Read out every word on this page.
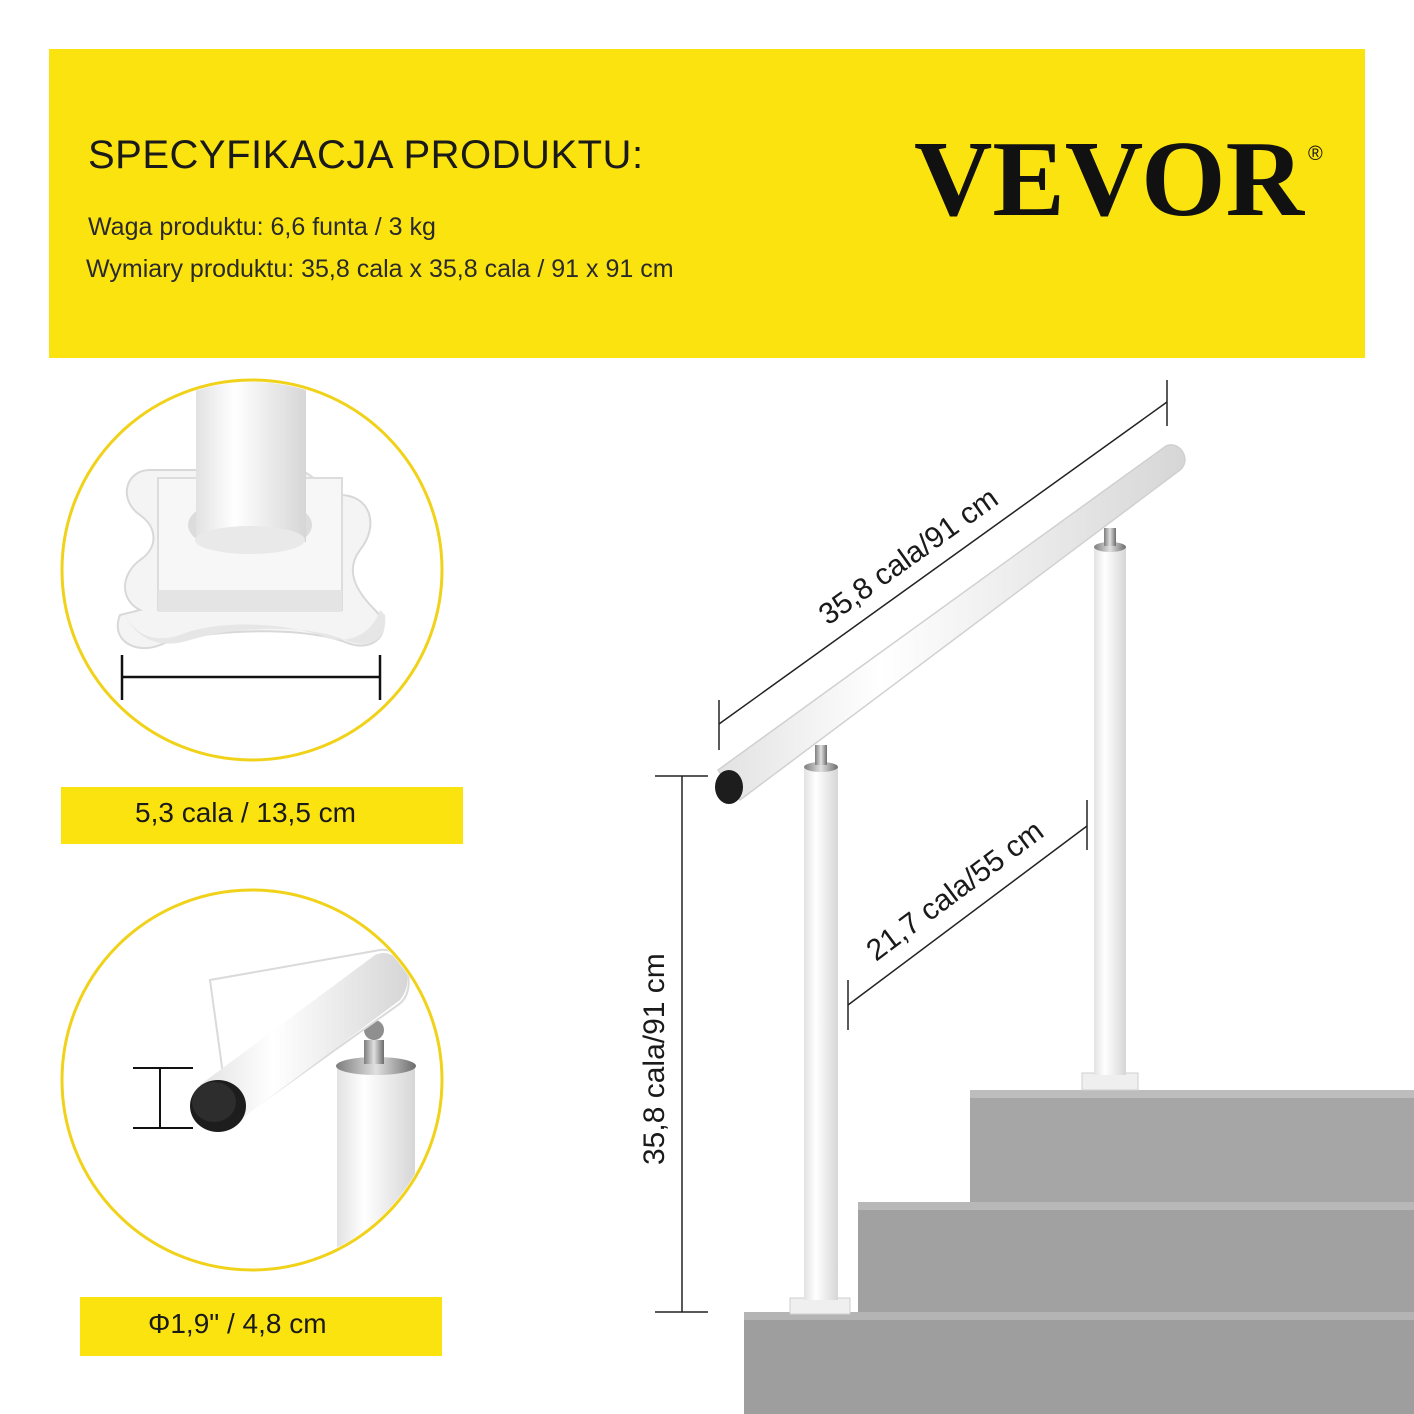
SPECYFIKACJA PRODUKTU:
Waga produktu: 6,6 funta / 3 kg
Wymiary produktu: 35,8 cala x 35,8 cala / 91 x 91 cm
VEVOR ®
35,8 cala/91 cm
21,7 cala/55 cm
35,8 cala/91 cm
5,3 cala / 13,5 cm
Φ1,9" / 4,8 cm
